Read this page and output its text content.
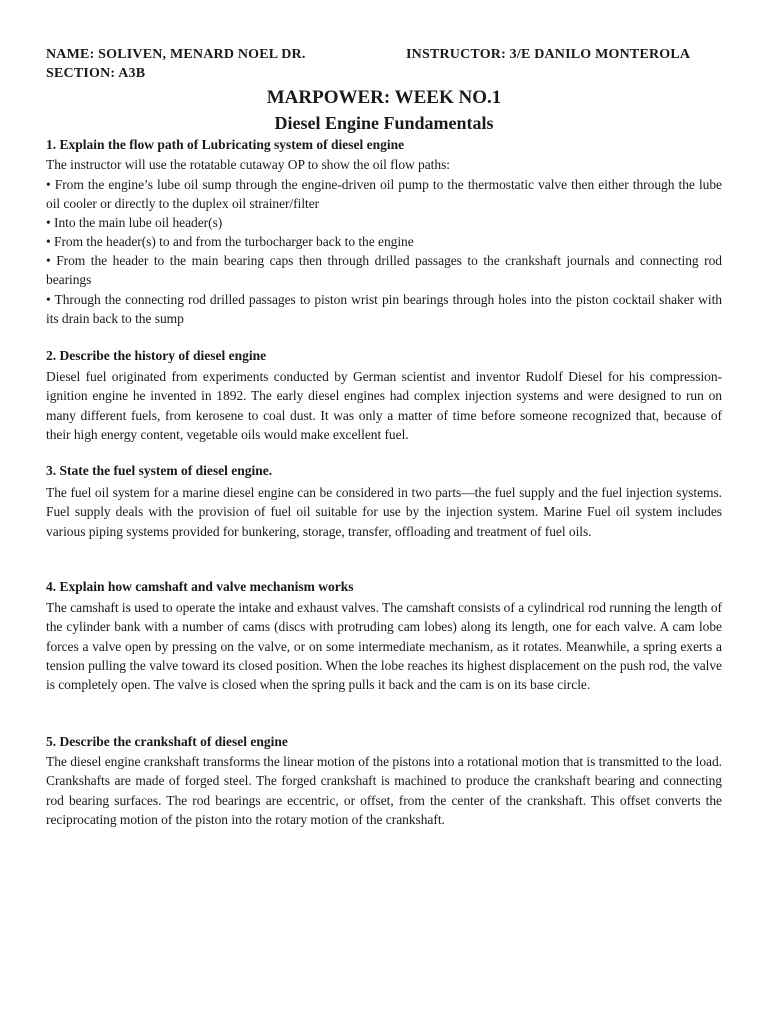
NAME: SOLIVEN, MENARD NOEL DR.	INSTRUCTOR: 3/E DANILO MONTEROLA
SECTION: A3B
MARPOWER: WEEK NO.1
Diesel Engine Fundamentals
1. Explain the flow path of Lubricating system of diesel engine
The instructor will use the rotatable cutaway OP to show the oil flow paths:
• From the engine’s lube oil sump through the engine-driven oil pump to the thermostatic valve then either through the lube oil cooler or directly to the duplex oil strainer/filter
• Into the main lube oil header(s)
• From the header(s) to and from the turbocharger back to the engine
• From the header to the main bearing caps then through drilled passages to the crankshaft journals and connecting rod bearings
• Through the connecting rod drilled passages to piston wrist pin bearings through holes into the piston cocktail shaker with its drain back to the sump
2. Describe the history of diesel engine
Diesel fuel originated from experiments conducted by German scientist and inventor Rudolf Diesel for his compression-ignition engine he invented in 1892. The early diesel engines had complex injection systems and were designed to run on many different fuels, from kerosene to coal dust. It was only a matter of time before someone recognized that, because of their high energy content, vegetable oils would make excellent fuel.
3. State the fuel system of diesel engine.
The fuel oil system for a marine diesel engine can be considered in two parts—the fuel supply and the fuel injection systems. Fuel supply deals with the provision of fuel oil suitable for use by the injection system. Marine Fuel oil system includes various piping systems provided for bunkering, storage, transfer, offloading and treatment of fuel oils.
4. Explain how camshaft and valve mechanism works
The camshaft is used to operate the intake and exhaust valves. The camshaft consists of a cylindrical rod running the length of the cylinder bank with a number of cams (discs with protruding cam lobes) along its length, one for each valve. A cam lobe forces a valve open by pressing on the valve, or on some intermediate mechanism, as it rotates. Meanwhile, a spring exerts a tension pulling the valve toward its closed position. When the lobe reaches its highest displacement on the push rod, the valve is completely open. The valve is closed when the spring pulls it back and the cam is on its base circle.
5. Describe the crankshaft of diesel engine
The diesel engine crankshaft transforms the linear motion of the pistons into a rotational motion that is transmitted to the load. Crankshafts are made of forged steel. The forged crankshaft is machined to produce the crankshaft bearing and connecting rod bearing surfaces. The rod bearings are eccentric, or offset, from the center of the crankshaft. This offset converts the reciprocating motion of the piston into the rotary motion of the crankshaft.
